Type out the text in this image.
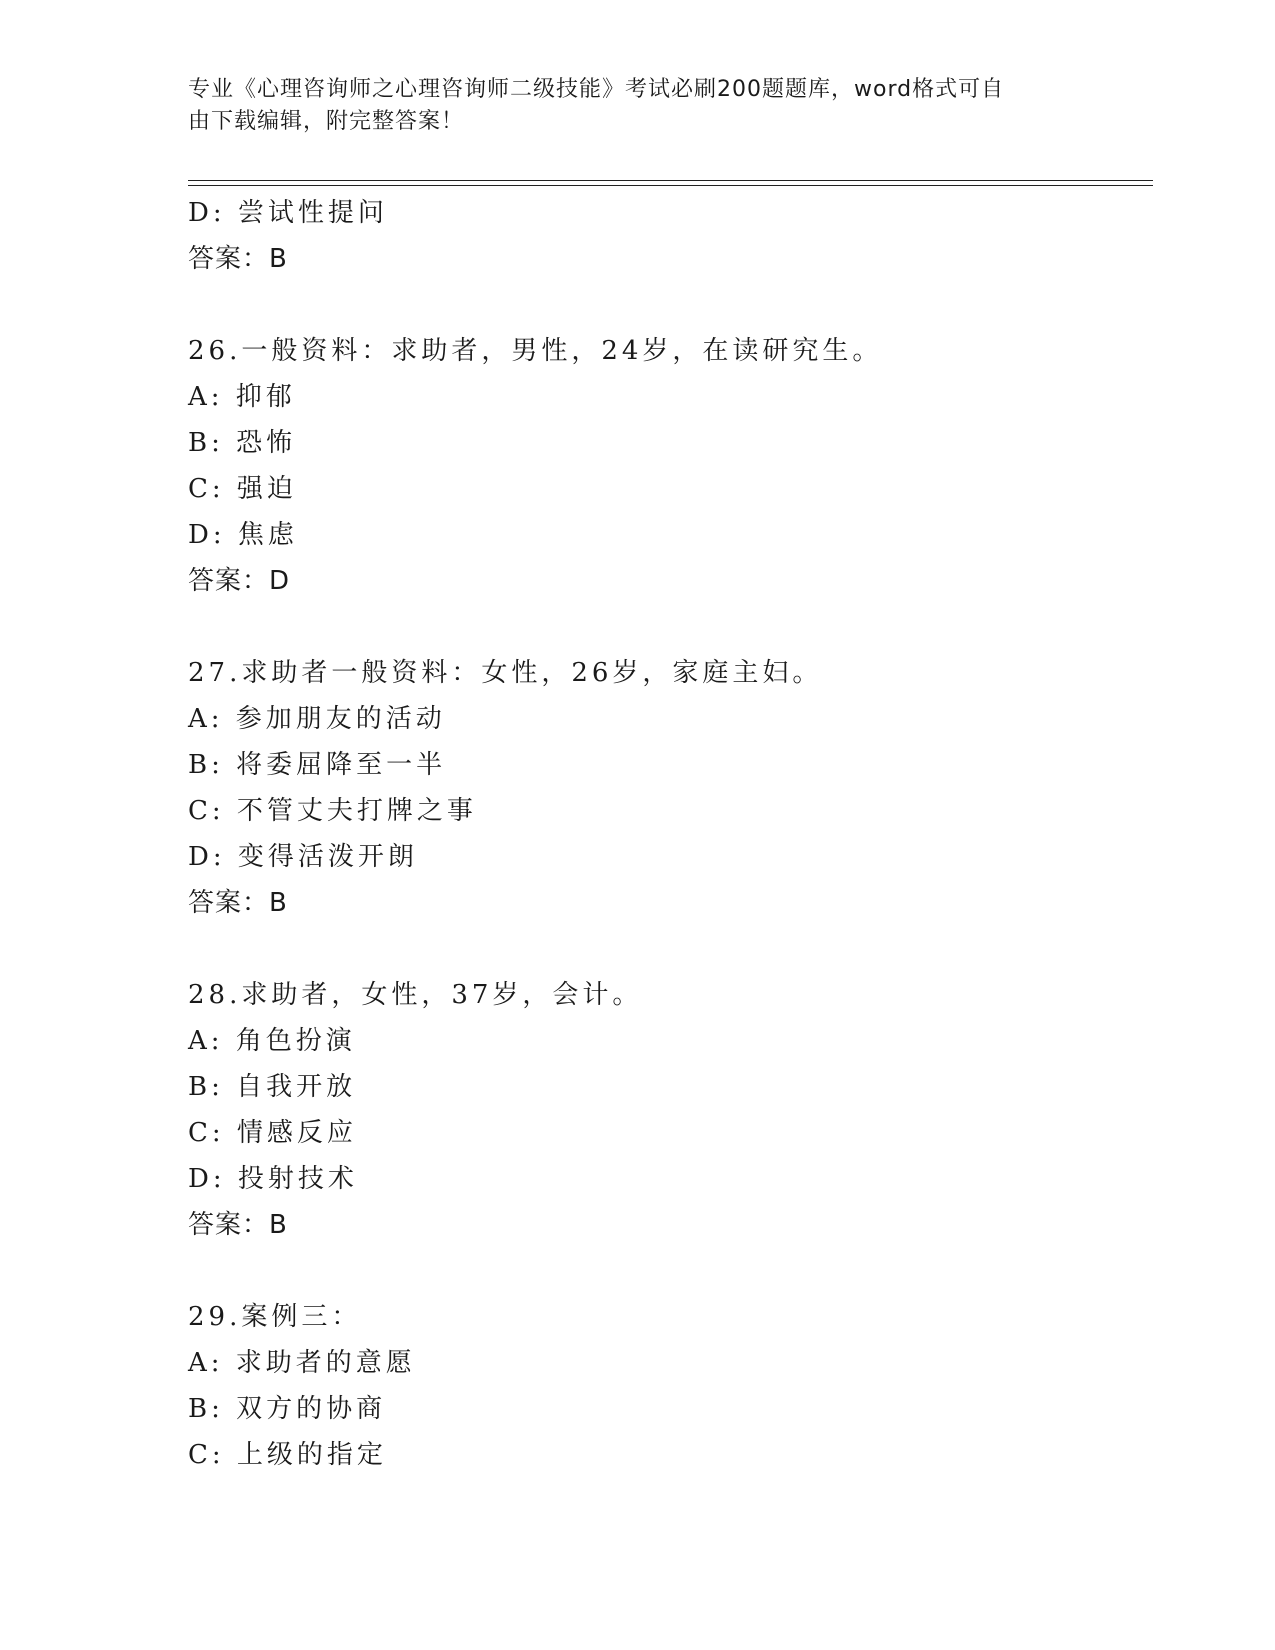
专业《心理咨询师之心理咨询师二级技能》考试必刷200题题库，word格式可自
由下载编辑，附完整答案！
D: 尝试性提问
答案：B
26.一般资料：求助者，男性，24岁，在读研究生。
A: 抑郁
B: 恐怖
C: 强迫
D: 焦虑
答案：D
27.求助者一般资料：女性，26岁，家庭主妇。
A: 参加朋友的活动
B: 将委屈降至一半
C: 不管丈夫打牌之事
D: 变得活泼开朗
答案：B
28.求助者，女性，37岁，会计。
A: 角色扮演
B: 自我开放
C: 情感反应
D: 投射技术
答案：B
29.案例三：
A: 求助者的意愿
B: 双方的协商
C: 上级的指定
